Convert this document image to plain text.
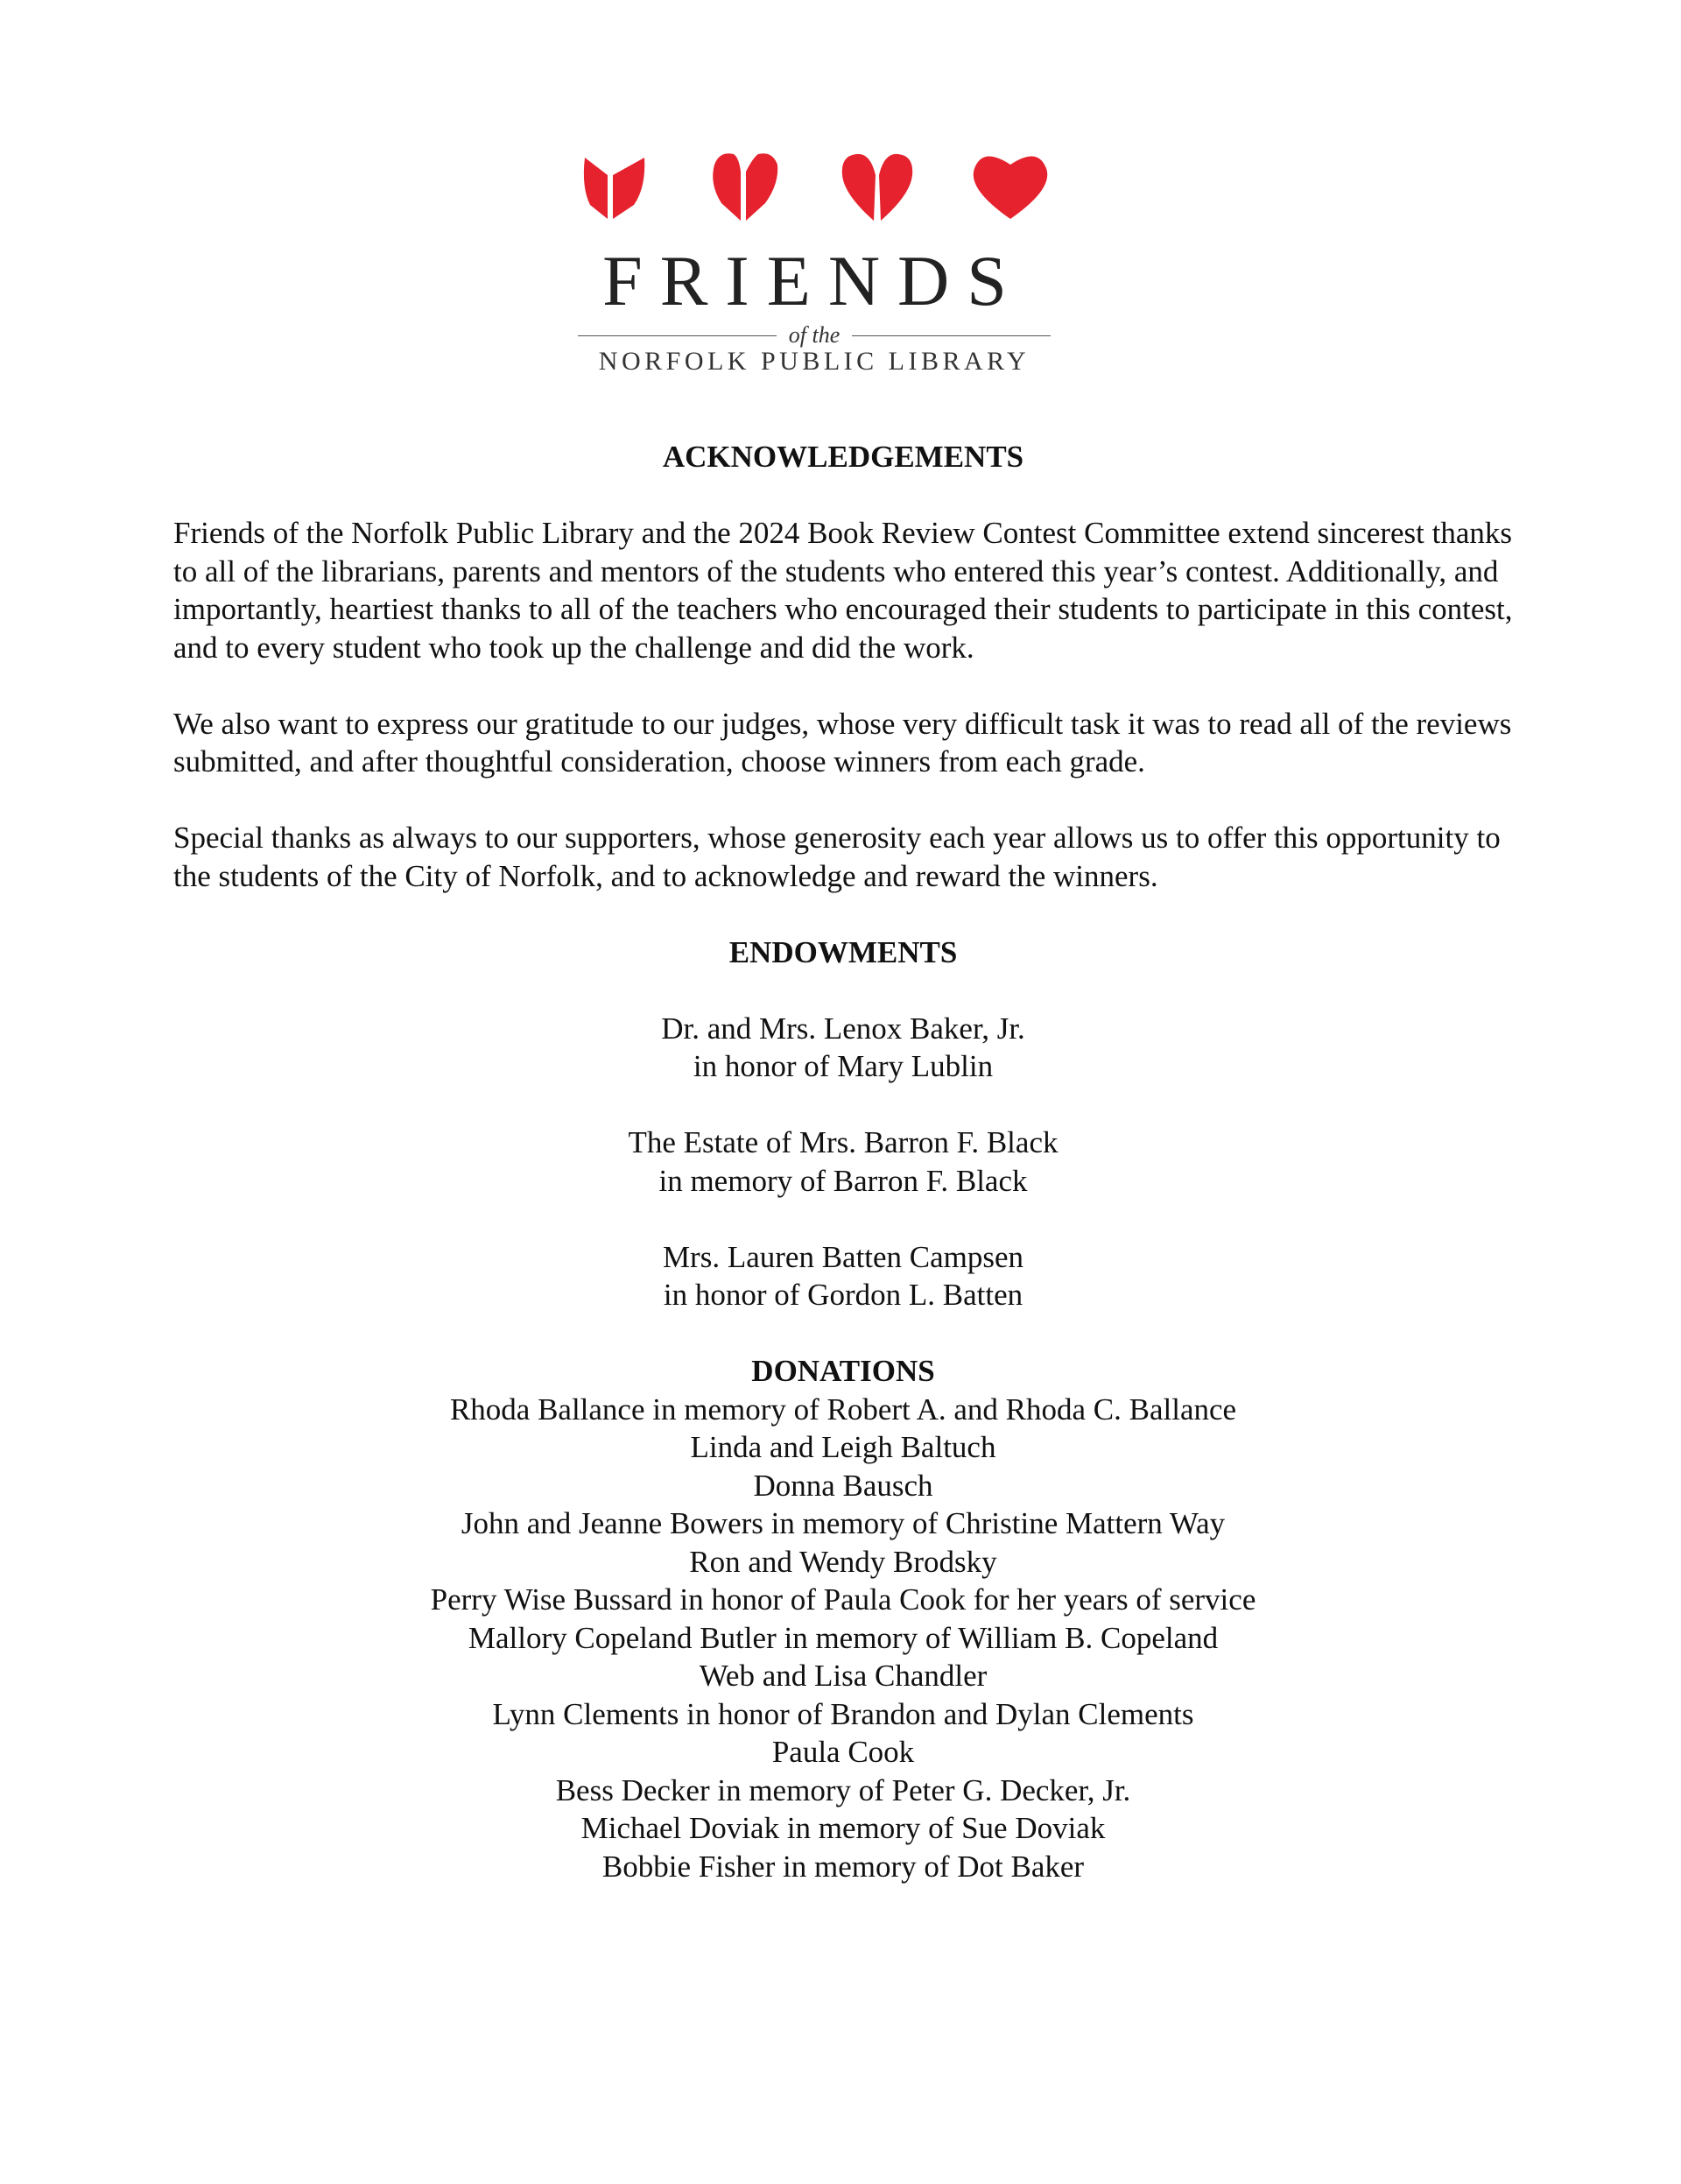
FRIENDS
of the
NORFOLK PUBLIC LIBRARY
ACKNOWLEDGEMENTS

Friends of the Norfolk Public Library and the 2024 Book Review Contest Committee extend sincerest thanks to all of the librarians, parents and mentors of the students who entered this year’s contest. Additionally, and importantly, heartiest thanks to all of the teachers who encouraged their students to participate in this contest, and to every student who took up the challenge and did the work.

We also want to express our gratitude to our judges, whose very difficult task it was to read all of the reviews submitted, and after thoughtful consideration, choose winners from each grade.

Special thanks as always to our supporters, whose generosity each year allows us to offer this opportunity to the students of the City of Norfolk, and to acknowledge and reward the winners.

ENDOWMENTS

Dr. and Mrs. Lenox Baker, Jr.

in honor of Mary Lublin

The Estate of Mrs. Barron F. Black

in memory of Barron F. Black

Mrs. Lauren Batten Campsen

in honor of Gordon L. Batten

DONATIONS
Rhoda Ballance in memory of Robert A. and Rhoda C. Ballance
Linda and Leigh Baltuch
Donna Bausch
John and Jeanne Bowers in memory of Christine Mattern Way
Ron and Wendy Brodsky
Perry Wise Bussard in honor of Paula Cook for her years of service
Mallory Copeland Butler in memory of William B. Copeland
Web and Lisa Chandler
Lynn Clements in honor of Brandon and Dylan Clements
Paula Cook
Bess Decker in memory of Peter G. Decker, Jr.
Michael Doviak in memory of Sue Doviak
Bobbie Fisher in memory of Dot Baker
